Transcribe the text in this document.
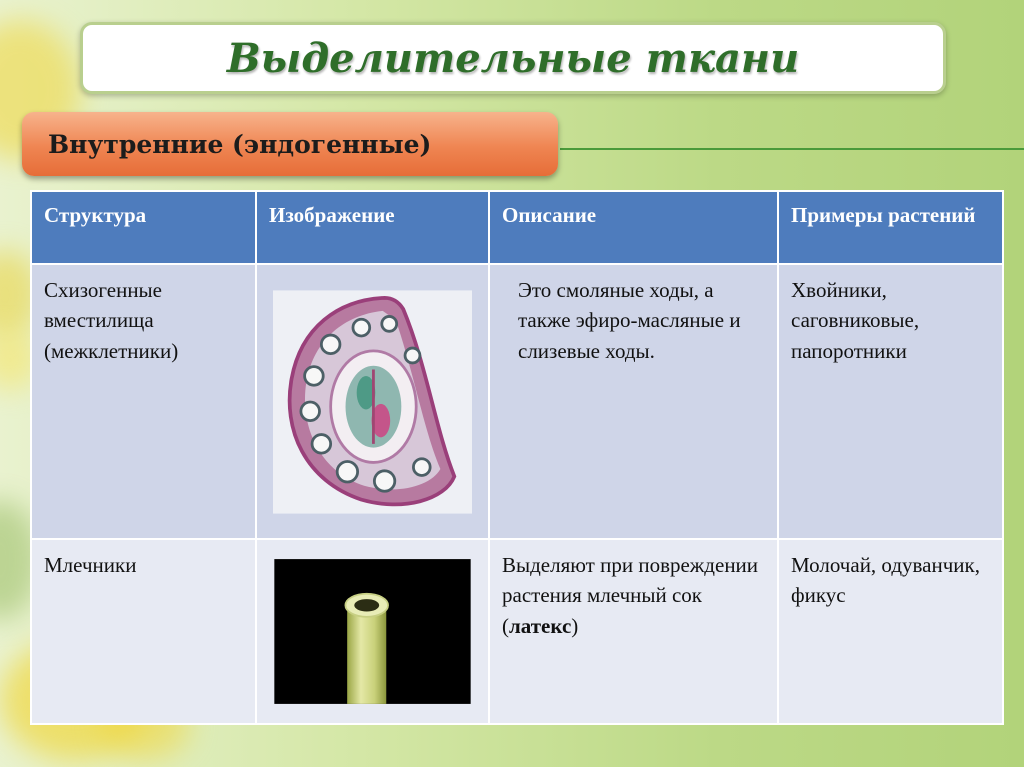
Выделительные ткани
Внутренние (эндогенные)
Структура	Изображение	Описание	Примеры растений
Схизогенные вместилища (межклетники)		Это смоляные ходы, а также эфиро-масляные и слизевые ходы.	Хвойники, саговниковые, папоротники
Млечники		Выделяют при повреждении растения млечный сок (латекс)	Молочай, одуванчик, фикус
